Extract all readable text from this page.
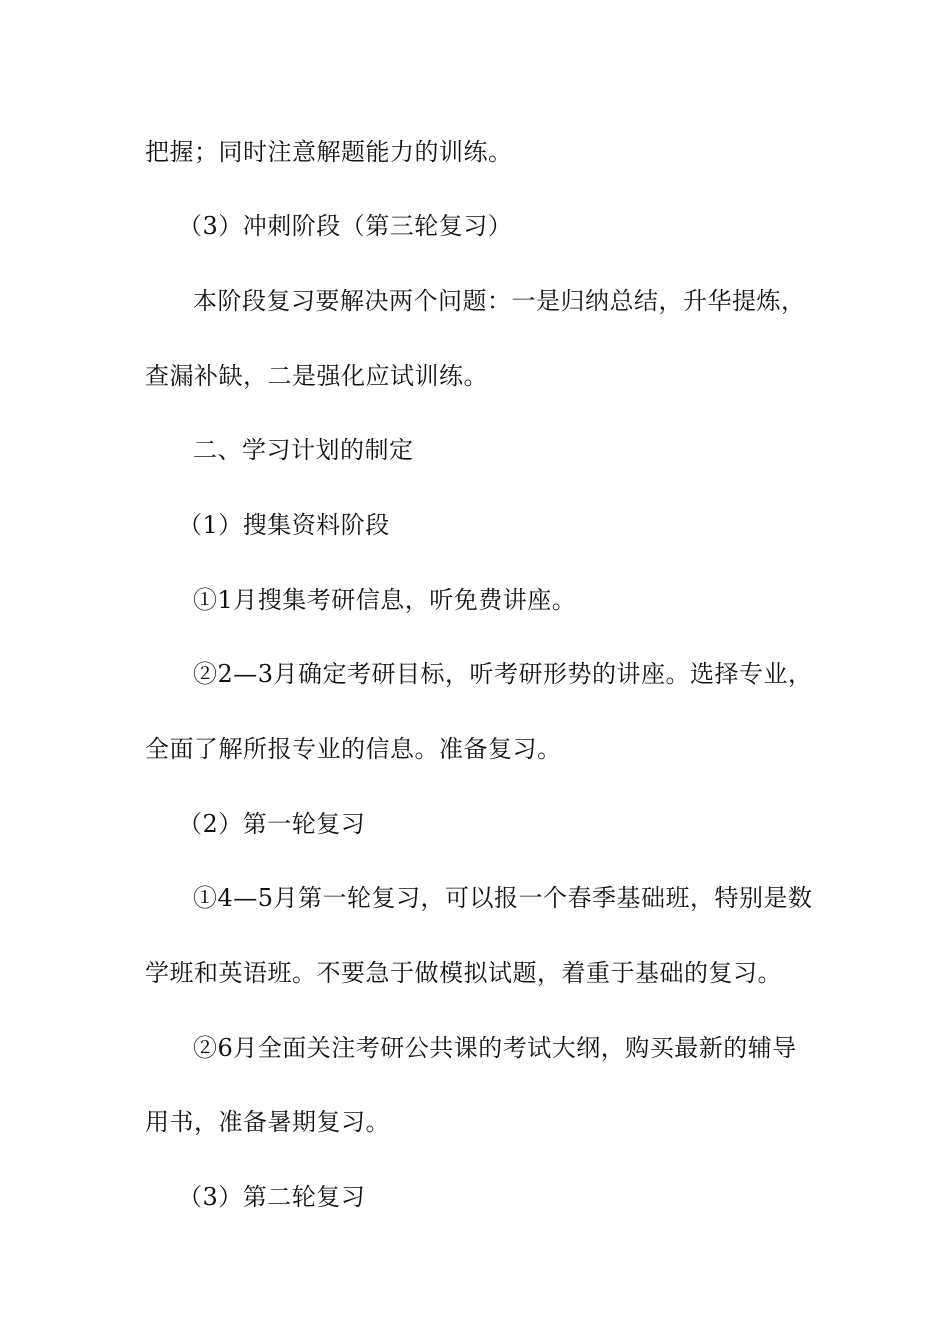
把握；同时注意解题能力的训练。
（3）冲刺阶段（第三轮复习）
本阶段复习要解决两个问题：一是归纳总结，升华提炼，
查漏补缺，二是强化应试训练。
二、学习计划的制定
（1）搜集资料阶段
①1月搜集考研信息，听免费讲座。
②2—3月确定考研目标，听考研形势的讲座。选择专业，
全面了解所报专业的信息。准备复习。
（2）第一轮复习
①4—5月第一轮复习，可以报一个春季基础班，特别是数
学班和英语班。不要急于做模拟试题，着重于基础的复习。
②6月全面关注考研公共课的考试大纲，购买最新的辅导
用书，准备暑期复习。
（3）第二轮复习
